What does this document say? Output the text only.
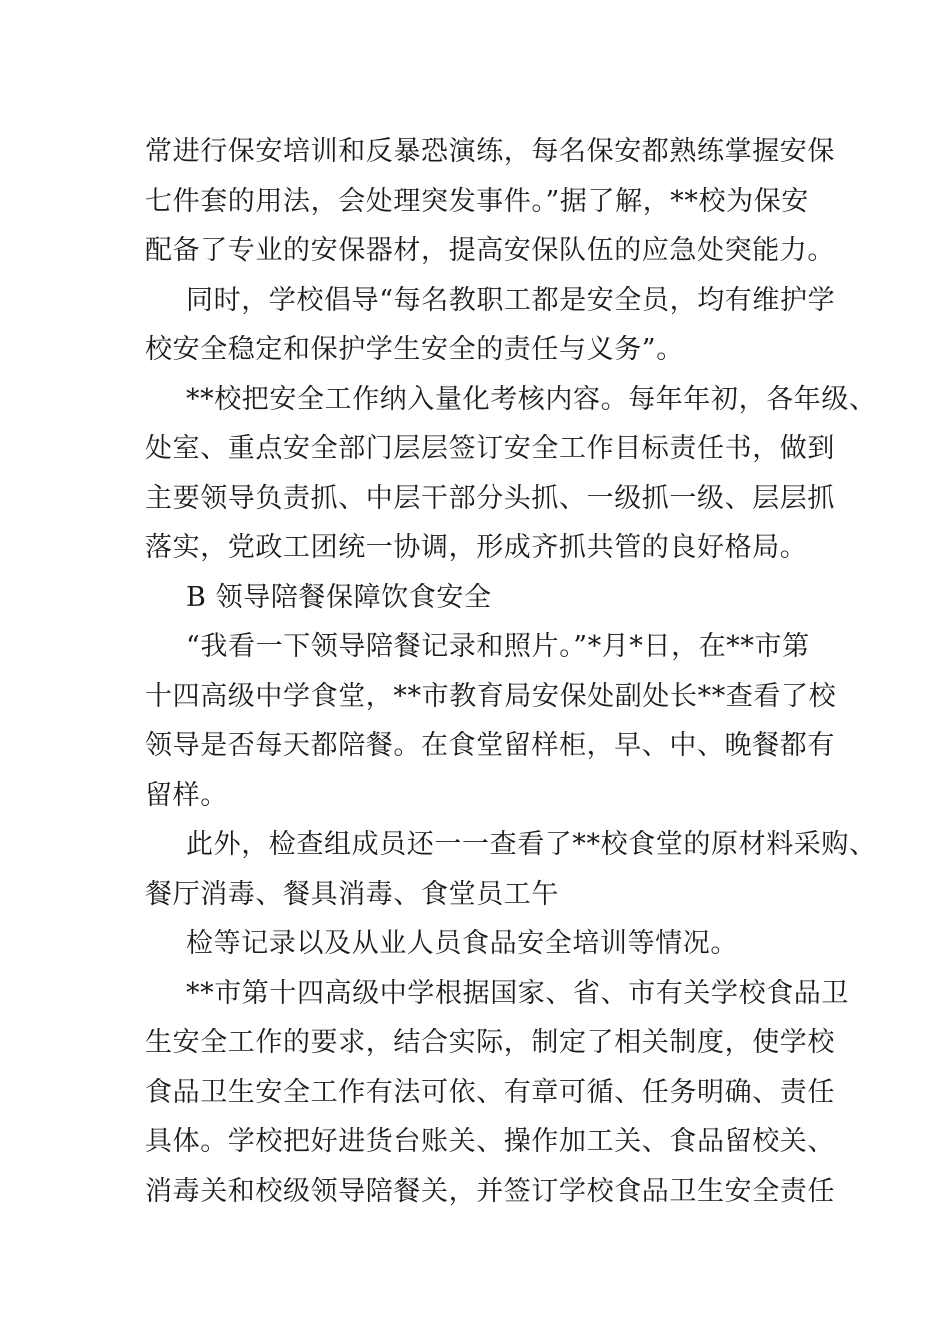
常进行保安培训和反暴恐演练，每名保安都熟练掌握安保
七件套的用法，会处理突发事件。”据了解，**校为保安
配备了专业的安保器材，提高安保队伍的应急处突能力。
同时，学校倡导“每名教职工都是安全员，均有维护学
校安全稳定和保护学生安全的责任与义务”。
**校把安全工作纳入量化考核内容。每年年初，各年级、
处室、重点安全部门层层签订安全工作目标责任书，做到
主要领导负责抓、中层干部分头抓、一级抓一级、层层抓
落实，党政工团统一协调，形成齐抓共管的良好格局。
B 领导陪餐保障饮食安全
“我看一下领导陪餐记录和照片。”*月*日，在**市第
十四高级中学食堂，**市教育局安保处副处长**查看了校
领导是否每天都陪餐。在食堂留样柜，早、中、晚餐都有
留样。
此外，检查组成员还一一查看了**校食堂的原材料采购、
餐厅消毒、餐具消毒、食堂员工午
检等记录以及从业人员食品安全培训等情况。
**市第十四高级中学根据国家、省、市有关学校食品卫
生安全工作的要求，结合实际，制定了相关制度，使学校
食品卫生安全工作有法可依、有章可循、任务明确、责任
具体。学校把好进货台账关、操作加工关、食品留校关、
消毒关和校级领导陪餐关，并签订学校食品卫生安全责任
